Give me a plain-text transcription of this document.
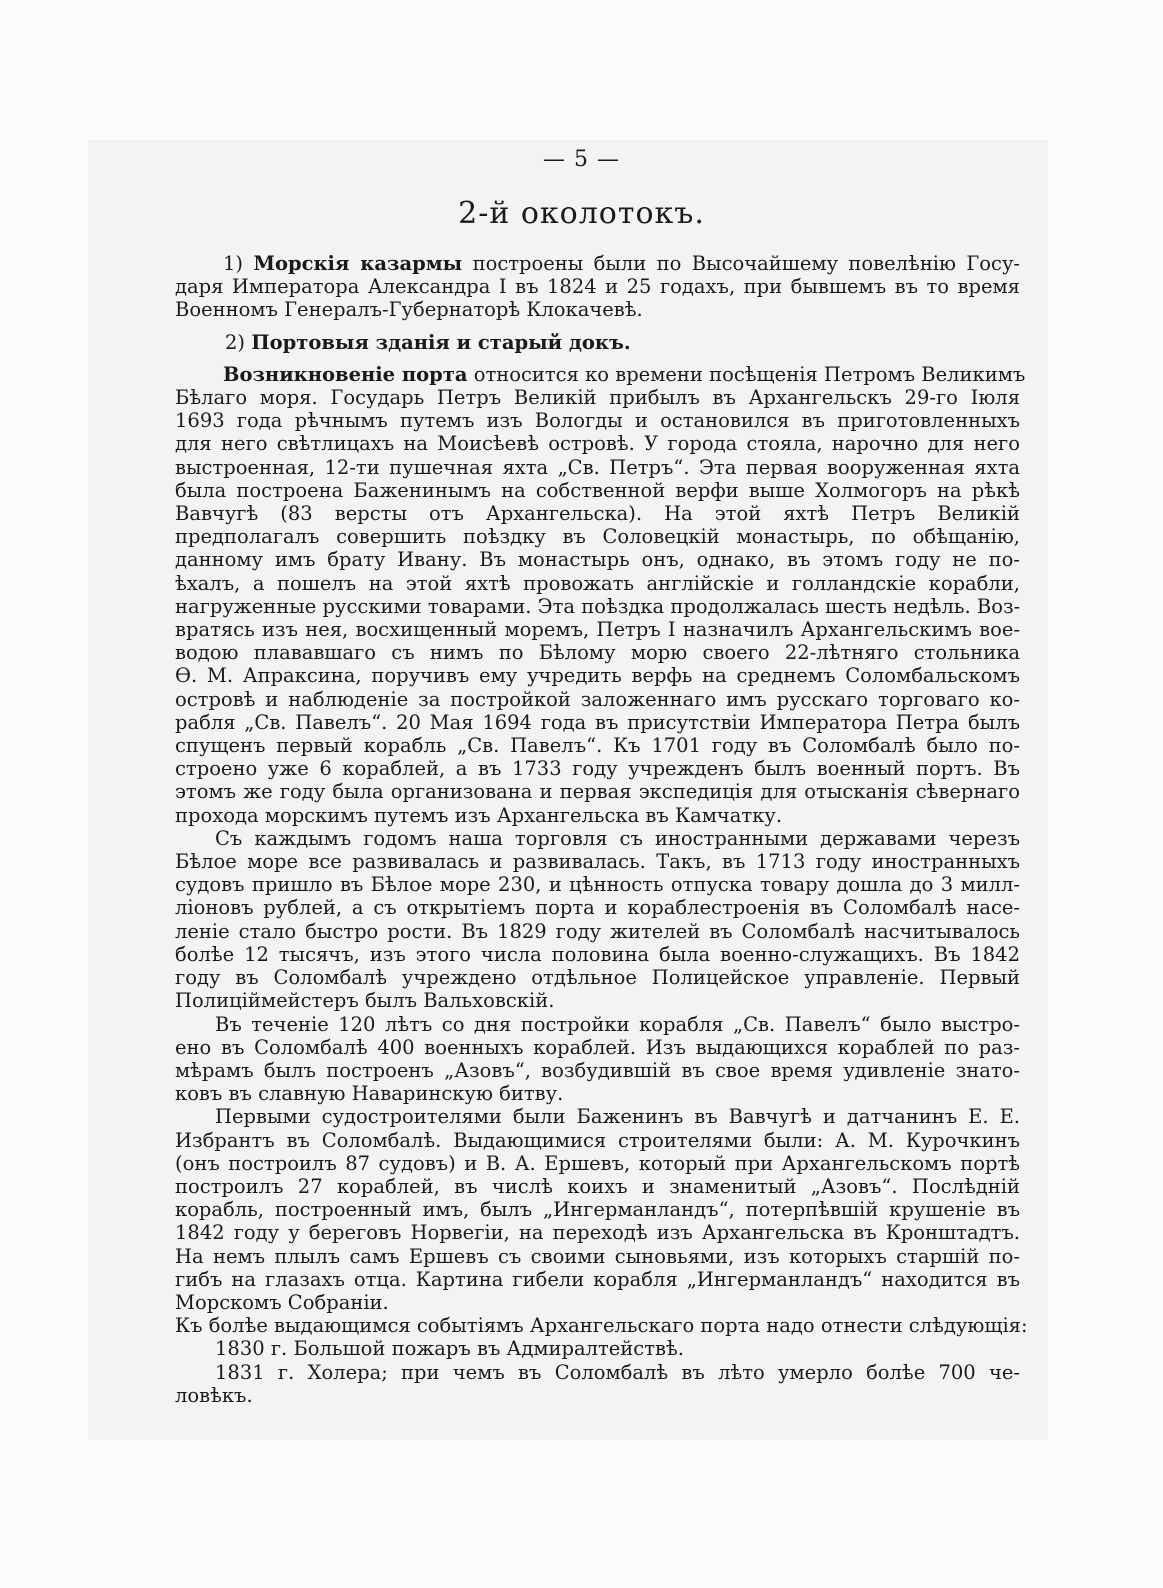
— 5 —
2-й околотокъ.
1) Морскія казармы построены были по Высочайшему повелѣнію Госу-
даря Императора Александра I въ 1824 и 25 годахъ, при бывшемъ въ то время
Военномъ Генералъ-Губернаторѣ Клокачевѣ.
2) Портовыя зданія и старый докъ.
Возникновеніе порта относится ко времени посѣщенія Петромъ Великимъ
Бѣлаго моря. Государь Петръ Великій прибылъ въ Архангельскъ 29-го Іюля
1693 года рѣчнымъ путемъ изъ Вологды и остановился въ приготовленныхъ
для него свѣтлицахъ на Моисѣевѣ островѣ. У города стояла, нарочно для него
выстроенная, 12-ти пушечная яхта „Св. Петръ“. Эта первая вооруженная яхта
была построена Баженинымъ на собственной верфи выше Холмогоръ на рѣкѣ
Вавчугѣ (83 версты отъ Архангельска). На этой яхтѣ Петръ Великій
предполагалъ совершить поѣздку въ Соловецкій монастырь, по обѣщанію,
данному имъ брату Ивану. Въ монастырь онъ, однако, въ этомъ году не по-
ѣхалъ, а пошелъ на этой яхтѣ провожать англійскіе и голландскіе корабли,
нагруженные русскими товарами. Эта поѣздка продолжалась шесть недѣль. Воз-
вратясь изъ нея, восхищенный моремъ, Петръ I назначилъ Архангельскимъ вое-
водою плававшаго съ нимъ по Бѣлому морю своего 22-лѣтняго стольника
Ѳ. М. Апраксина, поручивъ ему учредить верфь на среднемъ Соломбальскомъ
островѣ и наблюденіе за постройкой заложеннаго имъ русскаго торговаго ко-
рабля „Св. Павелъ“. 20 Мая 1694 года въ присутствіи Императора Петра былъ
спущенъ первый корабль „Св. Павелъ“. Къ 1701 году въ Соломбалѣ было по-
строено уже 6 кораблей, а въ 1733 году учрежденъ былъ военный портъ. Въ
этомъ же году была организована и первая экспедиція для отысканія сѣвернаго
прохода морскимъ путемъ изъ Архангельска въ Камчатку.
Съ каждымъ годомъ наша торговля съ иностранными державами черезъ
Бѣлое море все развивалась и развивалась. Такъ, въ 1713 году иностранныхъ
судовъ пришло въ Бѣлое море 230, и цѣнность отпуска товару дошла до 3 милл-
ліоновъ рублей, а съ открытіемъ порта и кораблестроенія въ Соломбалѣ насе-
леніе стало быстро рости. Въ 1829 году жителей въ Соломбалѣ насчитывалось
болѣе 12 тысячъ, изъ этого числа половина была военно-служащихъ. Въ 1842
году въ Соломбалѣ учреждено отдѣльное Полицейское управленіе. Первый
Полиціймейстеръ былъ Вальховскій.
Въ теченіе 120 лѣтъ со дня постройки корабля „Св. Павелъ“ было выстро-
ено въ Соломбалѣ 400 военныхъ кораблей. Изъ выдающихся кораблей по раз-
мѣрамъ былъ построенъ „Азовъ“, возбудившій въ свое время удивленіе знато-
ковъ въ славную Наваринскую битву.
Первыми судостроителями были Баженинъ въ Вавчугѣ и датчанинъ Е. Е.
Избрантъ въ Соломбалѣ. Выдающимися строителями были: А. М. Курочкинъ
(онъ построилъ 87 судовъ) и В. А. Ершевъ, который при Архангельскомъ портѣ
построилъ 27 кораблей, въ числѣ коихъ и знаменитый „Азовъ“. Послѣдній
корабль, построенный имъ, былъ „Ингерманландъ“, потерпѣвшій крушеніе въ
1842 году у береговъ Норвегіи, на переходѣ изъ Архангельска въ Кронштадтъ.
На немъ плылъ самъ Ершевъ съ своими сыновьями, изъ которыхъ старшій по-
гибъ на глазахъ отца. Картина гибели корабля „Ингерманландъ“ находится въ
Морскомъ Собраніи.
Къ болѣе выдающимся событіямъ Архангельскаго порта надо отнести слѣдующія:
1830 г. Большой пожаръ въ Адмиралтействѣ.
1831 г. Холера; при чемъ въ Соломбалѣ въ лѣто умерло болѣе 700 че-
ловѣкъ.
